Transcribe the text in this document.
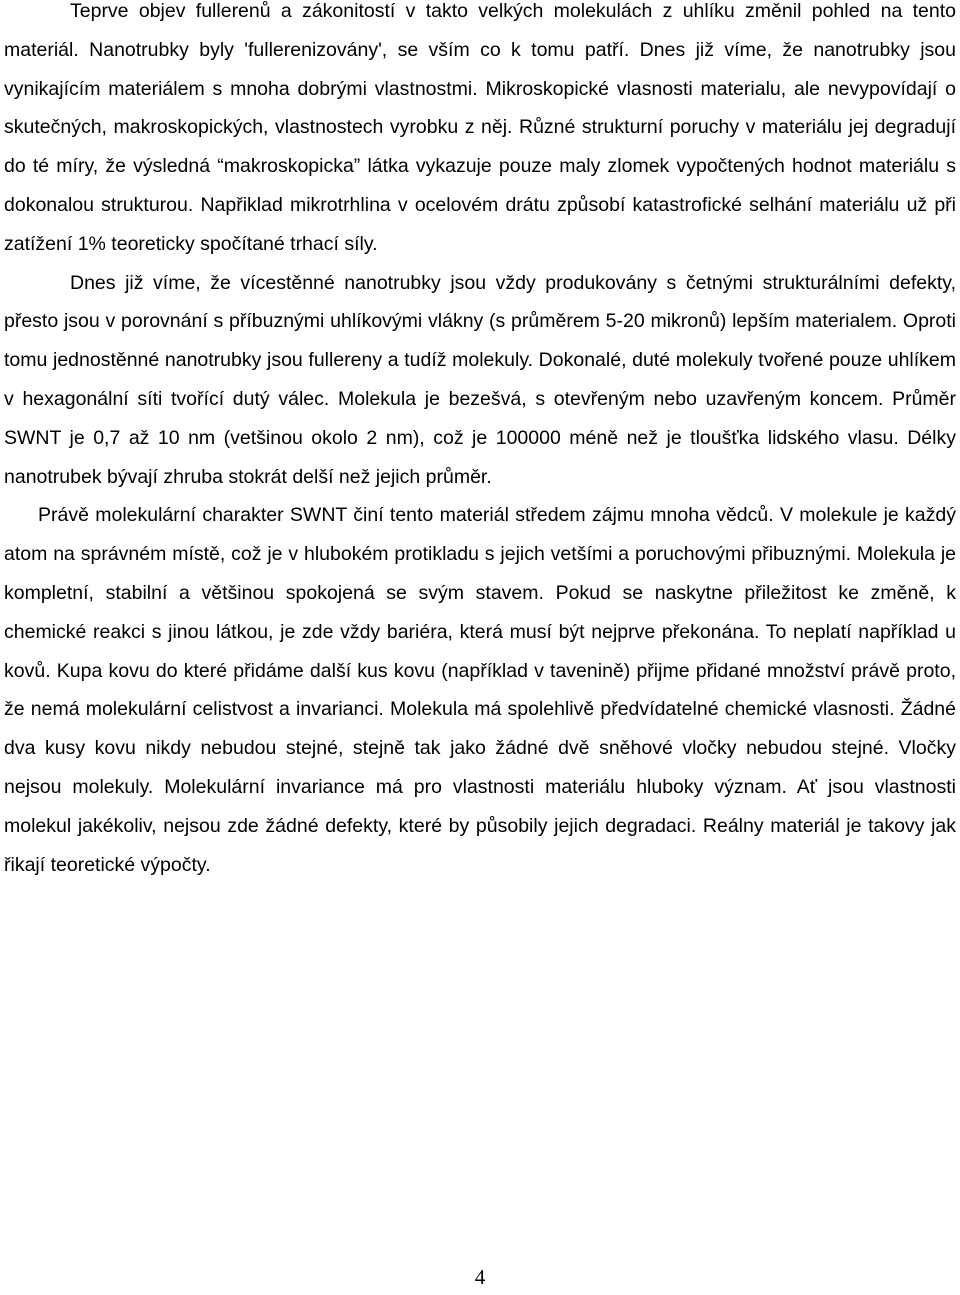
Teprve objev fullerenů a zákonitostí v takto velkých molekulách z uhlíku změnil pohled na tento materiál. Nanotrubky byly 'fullerenizovány', se vším co k tomu patří. Dnes již víme, že nanotrubky jsou vynikajícím materiálem s mnoha dobrými vlastnostmi. Mikroskopické vlasnosti materialu, ale nevypovídají o skutečných, makroskopických, vlastnostech vyrobku z něj. Různé strukturní poruchy v materiálu jej degradují do té míry, že výsledná “makroskopicka” látka vykazuje pouze maly zlomek vypočtených hodnot materiálu s dokonalou strukturou. Napřiklad mikrotrhlina v ocelovém drátu způsobí katastrofické selhání materiálu už při zatížení 1% teoreticky spočítané trhací síly.

Dnes již víme, že vícestěnné nanotrubky jsou vždy produkovány s četnými strukturálními defekty, přesto jsou v porovnání s příbuznými uhlíkovými vlákny (s průměrem 5-20 mikronů) lepším materialem. Oproti tomu jednostěnné nanotrubky jsou fullereny a tudíž molekuly. Dokonalé, duté molekuly tvořené pouze uhlíkem v hexagonální síti tvořící dutý válec. Molekula je bezešvá, s otevřeným nebo uzavřeným koncem. Průměr SWNT je 0,7 až 10 nm (vetšinou okolo 2 nm), což je 100000 méně než je tloušťka lidského vlasu. Délky nanotrubek bývají zhruba stokrát delší než jejich průměr.

Právě molekulární charakter SWNT činí tento materiál středem zájmu mnoha vědců. V molekule je každý atom na správném místě, což je v hlubokém protikladu s jejich vetšími a poruchovými přibuznými. Molekula je kompletní, stabilní a většinou spokojená se svým stavem. Pokud se naskytne přiležitost ke změně, k chemické reakci s jinou látkou, je zde vždy bariéra, která musí být nejprve překonána. To neplatí například u kovů. Kupa kovu do které přidáme další kus kovu (například v tavenině) přijme přidané množství právě proto, že nemá molekulární celistvost a invarianci. Molekula má spolehlivě předvídatelné chemické vlasnosti. Žádné dva kusy kovu nikdy nebudou stejné, stejně tak jako žádné dvě sněhové vločky nebudou stejné. Vločky nejsou molekuly. Molekulární invariance má pro vlastnosti materiálu hluboky význam. Ať jsou vlastnosti molekul jakékoliv, nejsou zde žádné defekty, které by působily jejich degradaci. Reálny materiál je takovy jak řikají teoretické výpočty.

4
